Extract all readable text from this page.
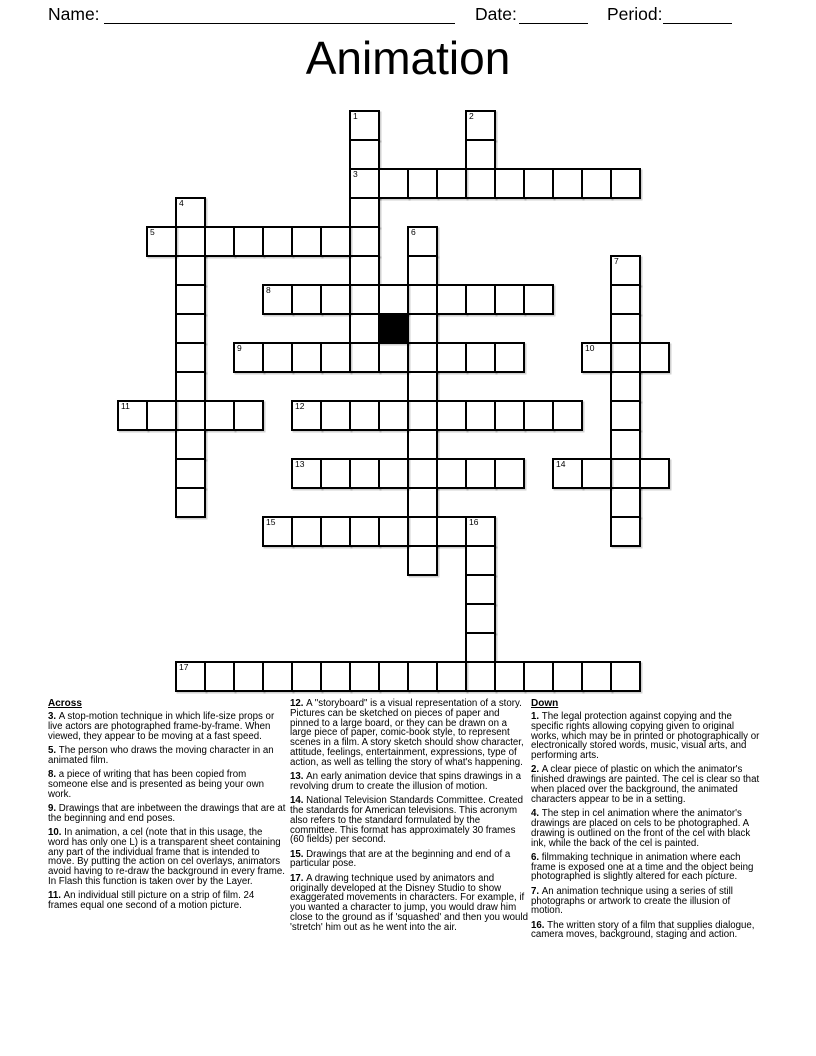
Name:	Date:	Period:
Animation
1
3
2
4
5	6
7
8
9	10
11	12
13	14
15	16
17
Across

3. A stop-motion technique in which life-size props or live actors are photographed frame-by-frame. When viewed, they appear to be moving at a fast speed.

5. The person who draws the moving character in an animated film.

8. a piece of writing that has been copied from someone else and is presented as being your own work.

9. Drawings that are inbetween the drawings that are at the beginning and end poses.

10. In animation, a cel (note that in this usage, the word has only one L) is a transparent sheet containing any part of the individual frame that is intended to move. By putting the action on cel overlays, animators avoid having to re-draw the background in every frame. In Flash this function is taken over by the Layer.

11. An individual still picture on a strip of film. 24 frames equal one second of a motion picture.

12. A "storyboard" is a visual representation of a story. Pictures can be sketched on pieces of paper and pinned to a large board, or they can be drawn on a large piece of paper, comic-book style, to represent scenes in a film. A story sketch should show character, attitude, feelings, entertainment, expressions, type of action, as well as telling the story of what's happening.

13. An early animation device that spins drawings in a revolving drum to create the illusion of motion.

14. National Television Standards Committee. Created the standards for American televisions. This acronym also refers to the standard formulated by the committee. This format has approximately 30 frames (60 fields) per second.

15. Drawings that are at the beginning and end of a particular pose.

17. A drawing technique used by animators and originally developed at the Disney Studio to show exaggerated movements in characters. For example, if you wanted a character to jump, you would draw him close to the ground as if 'squashed' and then you would 'stretch' him out as he went into the air.

Down

1. The legal protection against copying and the specific rights allowing copying given to original works, which may be in printed or photographically or electronically stored words, music, visual arts, and performing arts.

2. A clear piece of plastic on which the animator's finished drawings are painted. The cel is clear so that when placed over the background, the animated characters appear to be in a setting.

4. The step in cel animation where the animator's drawings are placed on cels to be photographed. A drawing is outlined on the front of the cel with black ink, while the back of the cel is painted.

6. filmmaking technique in animation where each frame is exposed one at a time and the object being photographed is slightly altered for each picture.

7. An animation technique using a series of still photographs or artwork to create the illusion of motion.

16. The written story of a film that supplies dialogue, camera moves, background, staging and action.
